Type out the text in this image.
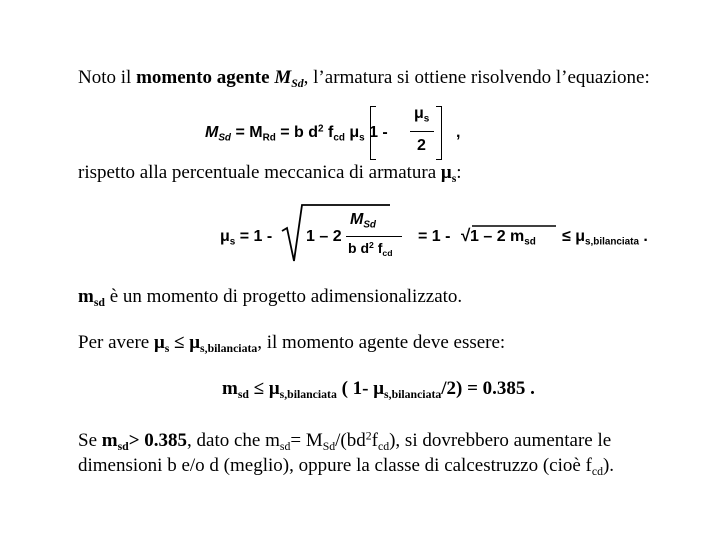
Noto il momento agente $M_{Sd}$, l’armatura si ottiene risolvendo l’equazione:
$M_{Sd} = M_{Rd} = b$ $d^2$ $f_{cd}$ $\mu_s$ 1 -
$\mu_s$
2
,
rispetto alla percentuale meccanica di armatura $\mu_s$:
$\mu_s = 1 - 1 - 2$
$M_{Sd}$
b $d^2$ $f_{cd}$
= 1 - √ 1 – 2 $m_{sd} \le \mu_{s,bilanciata}$ .
$m_{sd}$ è un momento di progetto adimensionalizzato.
Per avere $\mu_s \le \mu_{s,bilanciata}$, il momento agente deve essere:
$m_{sd} \le \mu_{s,bilanciata}$ ( 1- $\mu_{s,bilanciata}/2) = 0.385$ .
Se $m_{sd}> 0.385$, dato che $m_{sd}= M_{Sd}/(bd^2f_{cd})$, si dovrebbero aumentare le
dimensioni b e/o d (meglio), oppure la classe di calcestruzzo (cioè $f_{cd}$).
